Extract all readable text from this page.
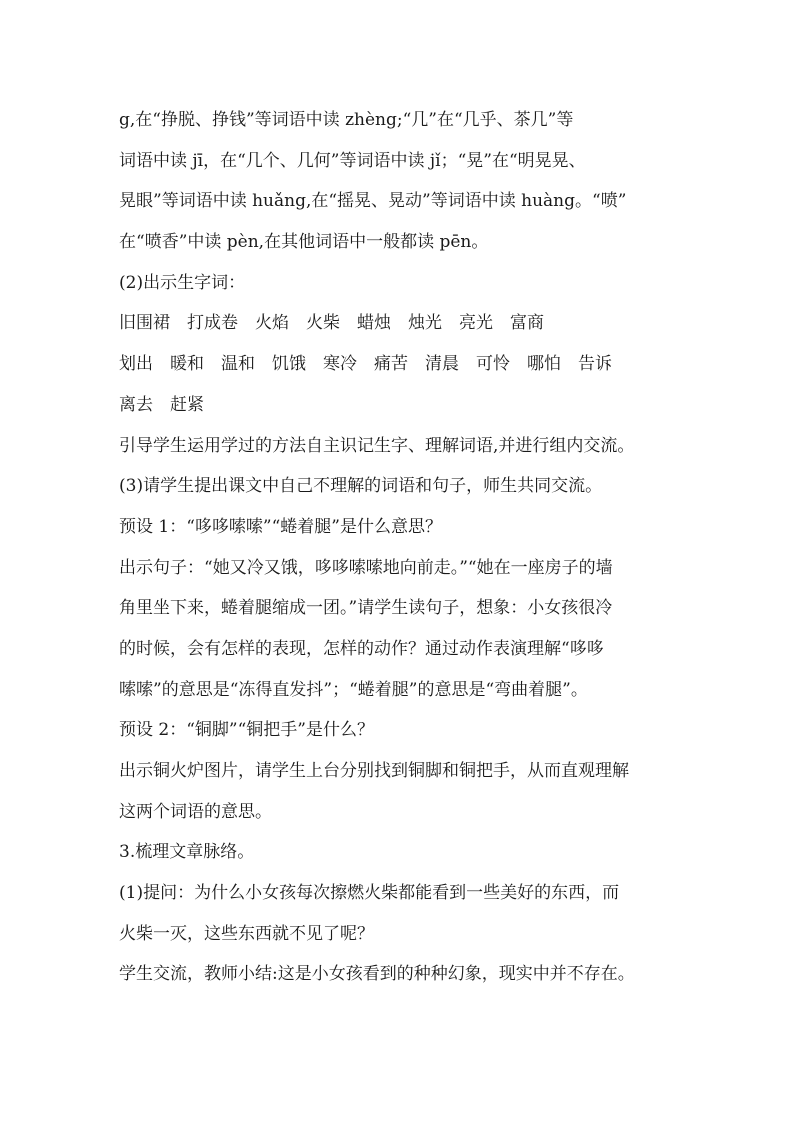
g,在“挣脱、挣钱”等词语中读 zhèng;“几”在“几乎、茶几”等
词语中读 jī，在“几个、几何”等词语中读 jǐ；“晃”在“明晃晃、
晃眼”等词语中读 huǎng,在“摇晃、晃动”等词语中读 huàng。“喷”
在“喷香”中读 pèn,在其他词语中一般都读 pēn。
(2)出示生字词：
旧围裙　打成卷　火焰　火柴　蜡烛　烛光　亮光　富商
划出　暖和　温和　饥饿　寒冷　痛苦　清晨　可怜　哪怕　告诉
离去　赶紧
引导学生运用学过的方法自主识记生字、理解词语,并进行组内交流。
(3)请学生提出课文中自己不理解的词语和句子，师生共同交流。
预设 1：“哆哆嗦嗦”“蜷着腿”是什么意思？
出示句子：“她又冷又饿，哆哆嗦嗦地向前走。”“她在一座房子的墙
角里坐下来，蜷着腿缩成一团。”请学生读句子，想象：小女孩很冷
的时候，会有怎样的表现，怎样的动作？通过动作表演理解“哆哆
嗦嗦”的意思是“冻得直发抖”；“蜷着腿”的意思是“弯曲着腿”。
预设 2：“铜脚”“铜把手”是什么？
出示铜火炉图片，请学生上台分别找到铜脚和铜把手，从而直观理解
这两个词语的意思。
3.梳理文章脉络。
(1)提问：为什么小女孩每次擦燃火柴都能看到一些美好的东西，而
火柴一灭，这些东西就不见了呢？
学生交流，教师小结:这是小女孩看到的种种幻象，现实中并不存在。
